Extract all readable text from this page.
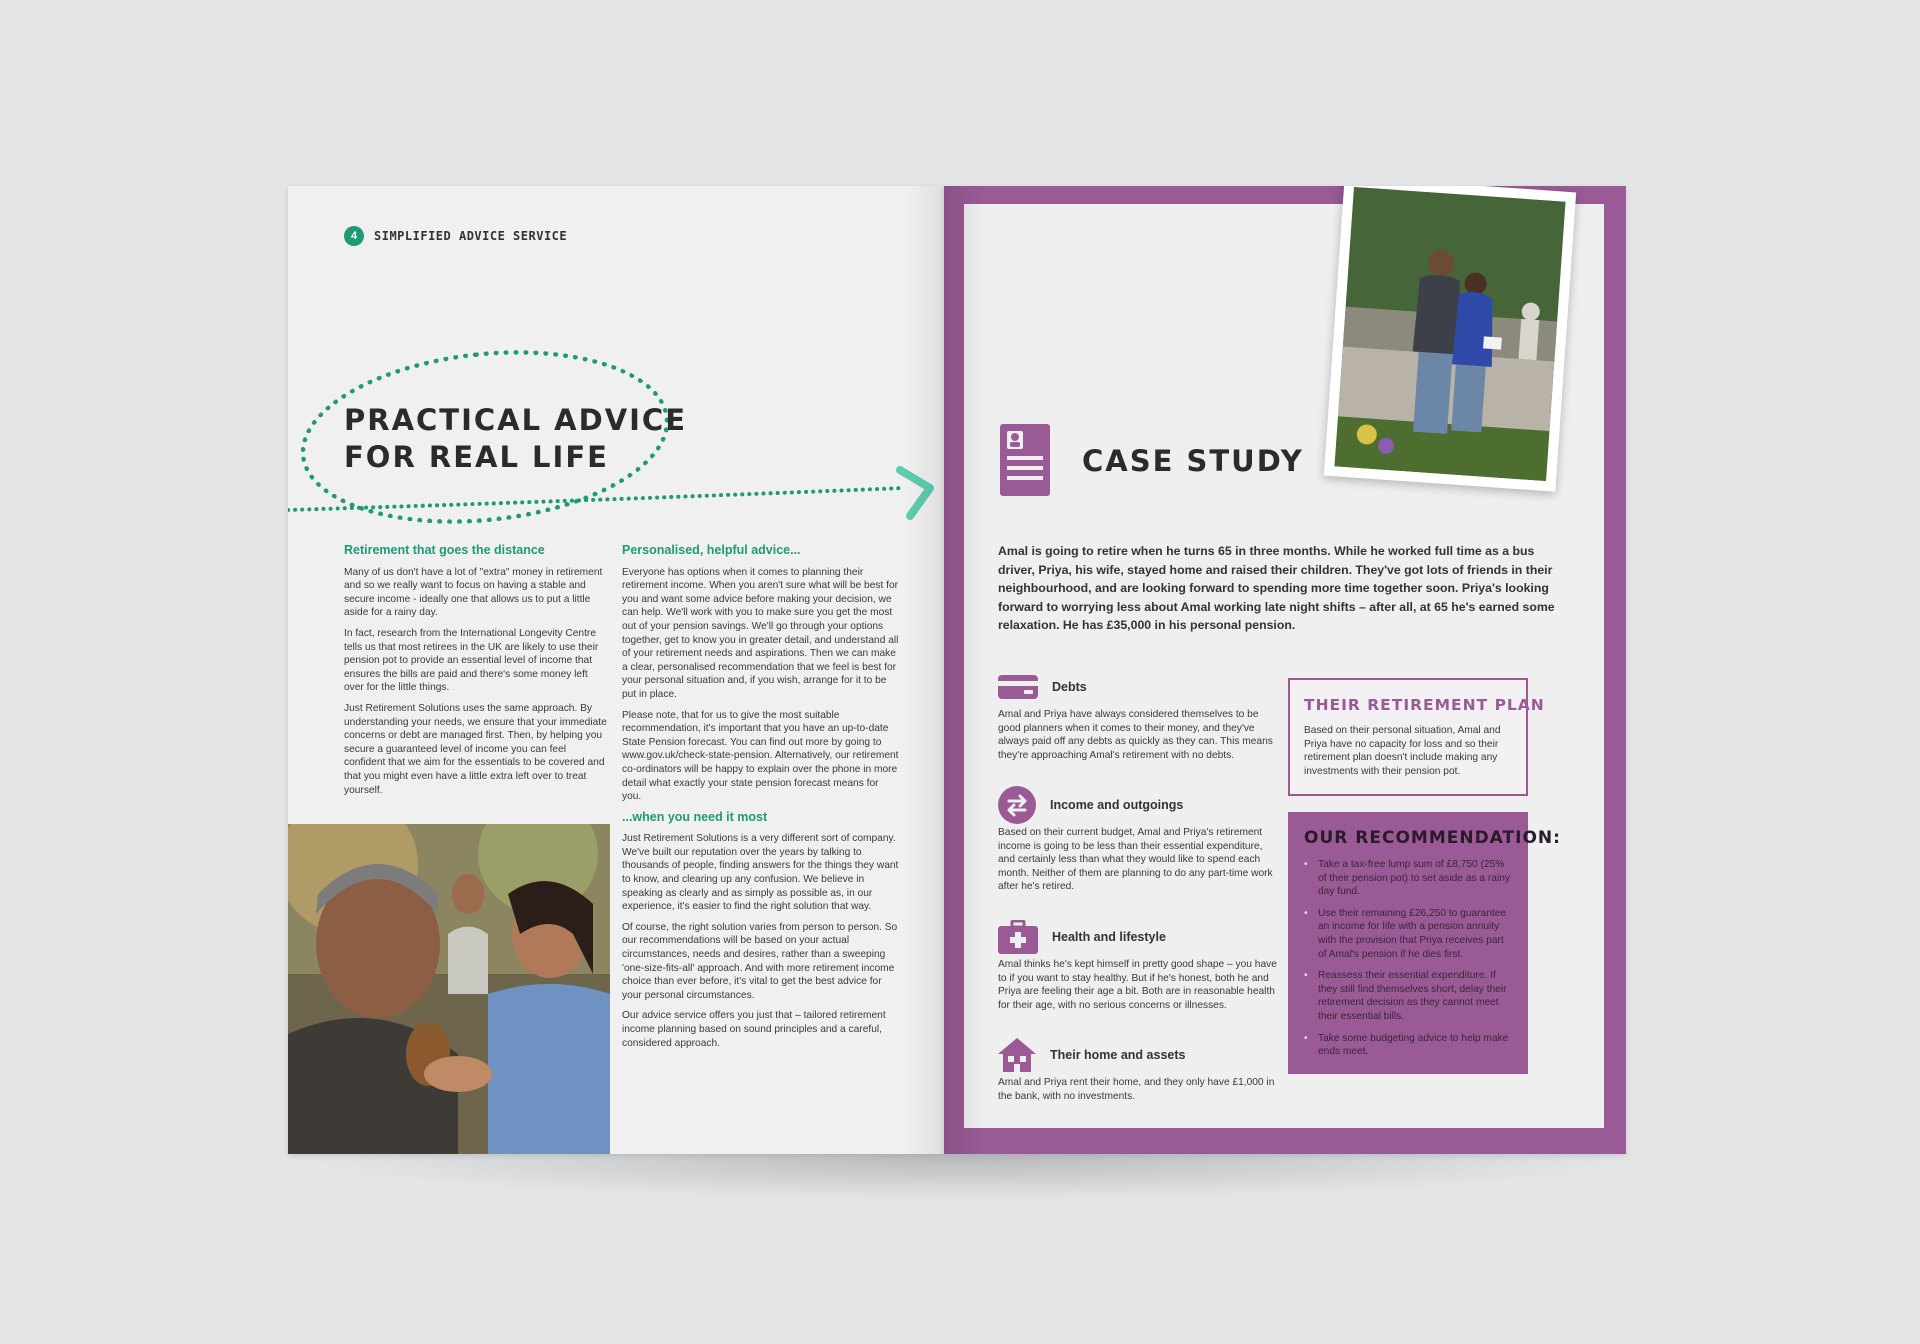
4	SIMPLIFIED ADVICE SERVICE
PRACTICAL ADVICE
FOR REAL LIFE
Retirement that goes the distance

Many of us don't have a lot of "extra" money in retirement and so we really want to focus on having a stable and secure income - ideally one that allows us to put a little aside for a rainy day.

In fact, research from the International Longevity Centre tells us that most retirees in the UK are likely to use their pension pot to provide an essential level of income that ensures the bills are paid and there's some money left over for the little things.

Just Retirement Solutions uses the same approach. By understanding your needs, we ensure that your immediate concerns or debt are managed first. Then, by helping you secure a guaranteed level of income you can feel confident that we aim for the essentials to be covered and that you might even have a little extra left over to treat yourself.

Personalised, helpful advice...

Everyone has options when it comes to planning their retirement income. When you aren't sure what will be best for you and want some advice before making your decision, we can help. We'll work with you to make sure you get the most out of your pension savings. We'll go through your options together, get to know you in greater detail, and understand all of your retirement needs and aspirations. Then we can make a clear, personalised recommendation that we feel is best for your personal situation and, if you wish, arrange for it to be put in place.

Please note, that for us to give the most suitable recommendation, it's important that you have an up-to-date State Pension forecast. You can find out more by going to www.gov.uk/check-state-pension. Alternatively, our retirement co-ordinators will be happy to explain over the phone in more detail what exactly your state pension forecast means for you.

...when you need it most

Just Retirement Solutions is a very different sort of company. We've built our reputation over the years by talking to thousands of people, finding answers for the things they want to know, and clearing up any confusion. We believe in speaking as clearly and as simply as possible as, in our experience, it's easier to find the right solution that way.

Of course, the right solution varies from person to person. So our recommendations will be based on your actual circumstances, needs and desires, rather than a sweeping 'one-size-fits-all' approach. And with more retirement income choice than ever before, it's vital to get the best advice for your personal circumstances.

Our advice service offers you just that – tailored retirement income planning based on sound principles and a careful, considered approach.

CASE STUDY
Amal is going to retire when he turns 65 in three months. While he worked full time as a bus driver, Priya, his wife, stayed home and raised their children. They've got lots of friends in their neighbourhood, and are looking forward to spending more time together soon. Priya's looking forward to worrying less about Amal working late night shifts – after all, at 65 he's earned some relaxation. He has £35,000 in his personal pension.
Debts

Amal and Priya have always considered themselves to be good planners when it comes to their money, and they've always paid off any debts as quickly as they can. This means they're approaching Amal's retirement with no debts.

Income and outgoings

Based on their current budget, Amal and Priya's retirement income is going to be less than their essential expenditure, and certainly less than what they would like to spend each month. Neither of them are planning to do any part-time work after he's retired.

Health and lifestyle

Amal thinks he's kept himself in pretty good shape – you have to if you want to stay healthy. But if he's honest, both he and Priya are feeling their age a bit. Both are in reasonable health for their age, with no serious concerns or illnesses.

Their home and assets

Amal and Priya rent their home, and they only have £1,000 in the bank, with no investments.

THEIR RETIREMENT PLAN

Based on their personal situation, Amal and Priya have no capacity for loss and so their retirement plan doesn't include making any investments with their pension pot.

OUR RECOMMENDATION:
• Take a tax-free lump sum of £8,750 (25% of their pension pot) to set aside as a rainy day fund.
• Use their remaining £26,250 to guarantee an income for life with a pension annuity with the provision that Priya receives part of Amal's pension if he dies first.
• Reassess their essential expenditure. If they still find themselves short, delay their retirement decision as they cannot meet their essential bills.
• Take some budgeting advice to help make ends meet.
